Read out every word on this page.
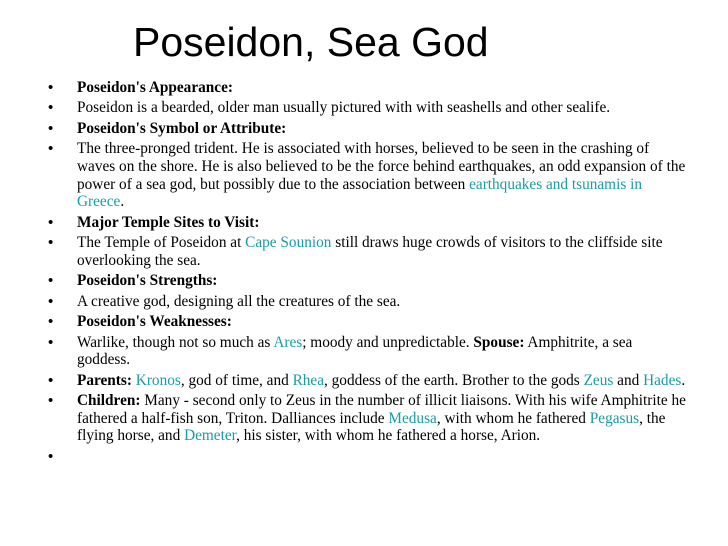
Poseidon, Sea God
• Poseidon's Appearance:
• Poseidon is a bearded, older man usually pictured with with seashells and other sealife.
• Poseidon's Symbol or Attribute:
• The three-pronged trident. He is associated with horses, believed to be seen in the crashing of waves on the shore. He is also believed to be the force behind earthquakes, an odd expansion of the power of a sea god, but possibly due to the association between earthquakes and tsunamis in Greece.
• Major Temple Sites to Visit:
• The Temple of Poseidon at Cape Sounion still draws huge crowds of visitors to the cliffside site overlooking the sea.
• Poseidon's Strengths:
• A creative god, designing all the creatures of the sea.
• Poseidon's Weaknesses:
• Warlike, though not so much as Ares; moody and unpredictable. Spouse: Amphitrite, a sea goddess.
• Parents: Kronos, god of time, and Rhea, goddess of the earth. Brother to the gods Zeus and Hades.
• Children: Many - second only to Zeus in the number of illicit liaisons. With his wife Amphitrite he fathered a half-fish son, Triton. Dalliances include Medusa, with whom he fathered Pegasus, the flying horse, and Demeter, his sister, with whom he fathered a horse, Arion.
•
